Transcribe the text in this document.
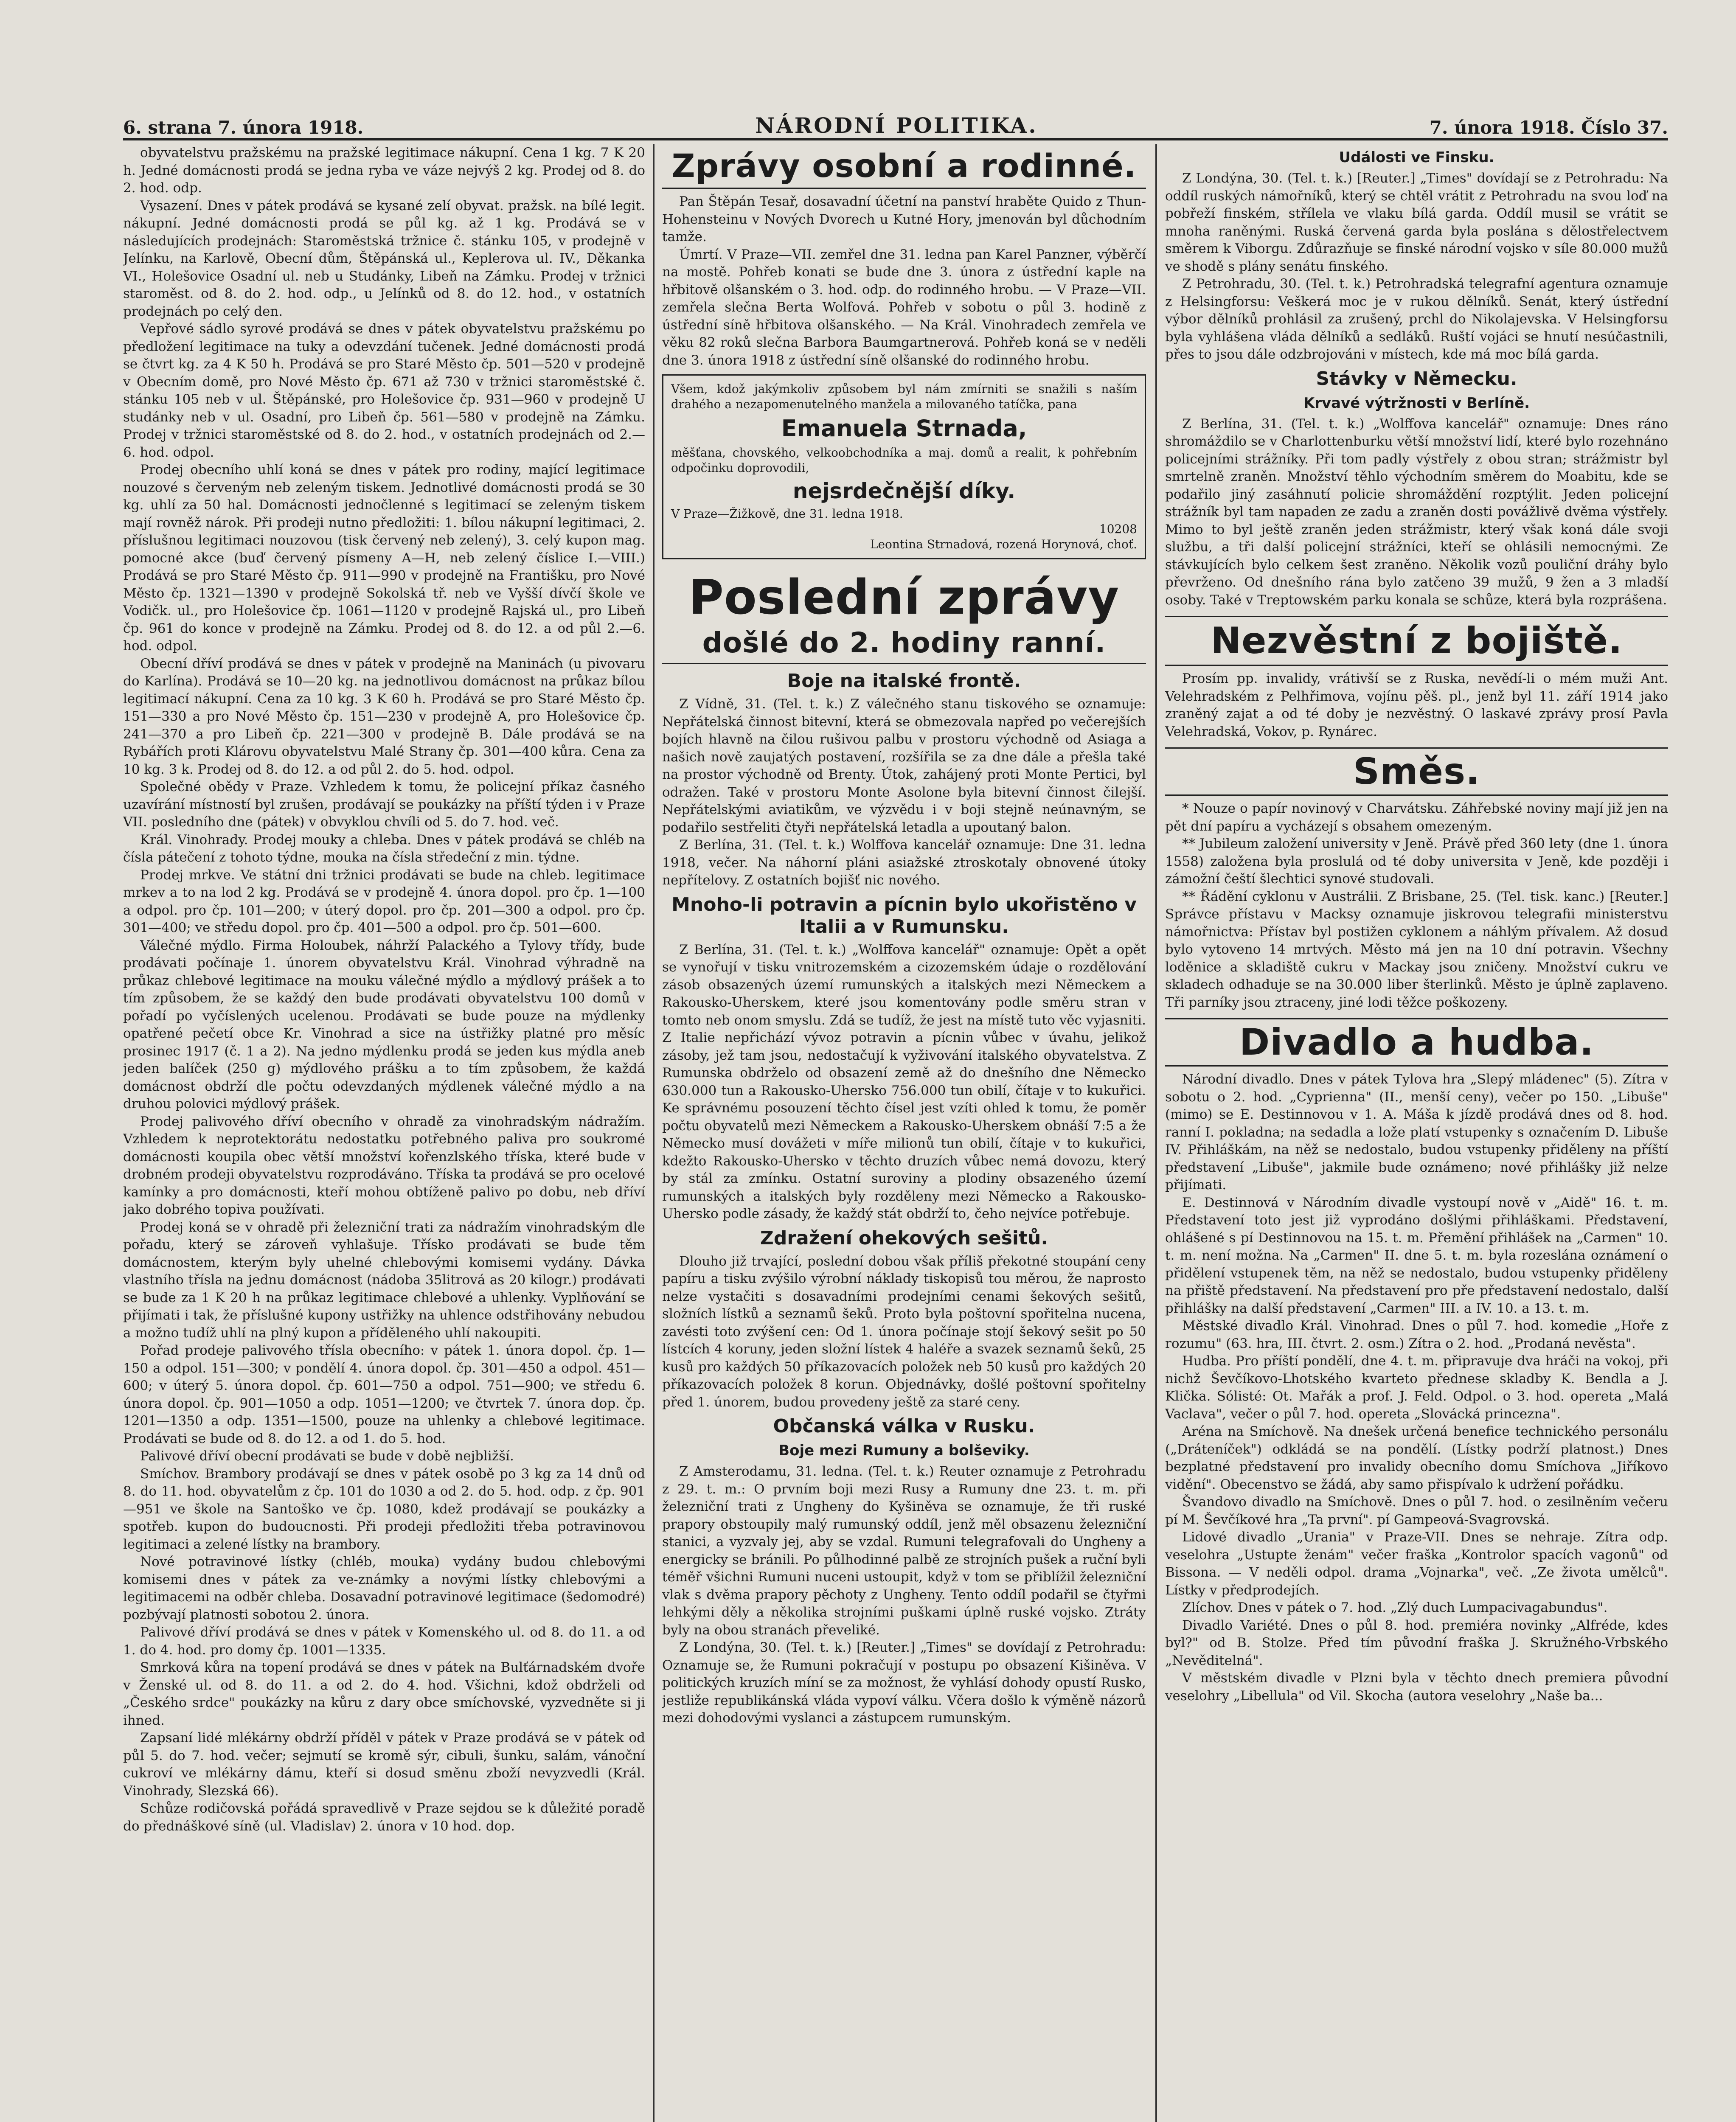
6. strana 7. února 1918.	NÁRODNÍ POLITIKA.	7. února 1918. Číslo 37.

obyvatelstvu pražskému na pražské legitimace nákupní. Cena 1 kg. 7 K 20 h. Jedné domácnosti prodá se jedna ryba ve váze nejvýš 2 kg. Prodej od 8. do 2. hod. odp.

Vysazení. Dnes v pátek prodává se kysané zelí obyvat. pražsk. na bílé legit. nákupní. Jedné domácnosti prodá se půl kg. až 1 kg. Prodává se v následujících prodejnách: Staroměstská tržnice č. stánku 105, v prodejně v Jelínku, na Karlově, Obecní dům, Štěpánská ul., Keplerova ul. IV., Děkanka VI., Holešovice Osadní ul. neb u Studánky, Libeň na Zámku. Prodej v tržnici staroměst. od 8. do 2. hod. odp., u Jelínků od 8. do 12. hod., v ostatních prodejnách po celý den.

Vepřové sádlo syrové prodává se dnes v pátek obyvatelstvu pražskému po předložení legitimace na tuky a odevzdání tučenek. Jedné domácnosti prodá se čtvrt kg. za 4 K 50 h. Prodává se pro Staré Město čp. 501—520 v prodejně v Obecním domě, pro Nové Město čp. 671 až 730 v tržnici staroměstské č. stánku 105 neb v ul. Štěpánské, pro Holešovice čp. 931—960 v prodejně U studánky neb v ul. Osadní, pro Libeň čp. 561—580 v prodejně na Zámku. Prodej v tržnici staroměstské od 8. do 2. hod., v ostatních prodejnách od 2.—6. hod. odpol.

Prodej obecního uhlí koná se dnes v pátek pro rodiny, mající legitimace nouzové s červeným neb zeleným tiskem. Jednotlivé domácnosti prodá se 30 kg. uhlí za 50 hal. Domácnosti jednočlenné s legitimací se zeleným tiskem mají rovněž nárok. Při prodeji nutno předložiti: 1. bílou nákupní legitimaci, 2. příslušnou legitimaci nouzovou (tisk červený neb zelený), 3. celý kupon mag. pomocné akce (buď červený písmeny A—H, neb zelený číslice I.—VIII.) Prodává se pro Staré Město čp. 911—990 v prodejně na Františku, pro Nové Město čp. 1321—1390 v prodejně Sokolská tř. neb ve Vyšší dívčí škole ve Vodičk. ul., pro Holešovice čp. 1061—1120 v prodejně Rajská ul., pro Libeň čp. 961 do konce v prodejně na Zámku. Prodej od 8. do 12. a od půl 2.—6. hod. odpol.

Obecní dříví prodává se dnes v pátek v prodejně na Maninách (u pivovaru do Karlína). Prodává se 10—20 kg. na jednotlivou domácnost na průkaz bílou legitimací nákupní. Cena za 10 kg. 3 K 60 h. Prodává se pro Staré Město čp. 151—330 a pro Nové Město čp. 151—230 v prodejně A, pro Holešovice čp. 241—370 a pro Libeň čp. 221—300 v prodejně B. Dále prodává se na Rybářích proti Klárovu obyvatelstvu Malé Strany čp. 301—400 kůra. Cena za 10 kg. 3 k. Prodej od 8. do 12. a od půl 2. do 5. hod. odpol.

Společné obědy v Praze. Vzhledem k tomu, že policejní příkaz časného uzavírání místností byl zrušen, prodávají se poukázky na příští týden i v Praze VII. posledního dne (pátek) v obvyklou chvíli od 5. do 7. hod. več.

Král. Vinohrady. Prodej mouky a chleba. Dnes v pátek prodává se chléb na čísla pátečení z tohoto týdne, mouka na čísla středeční z min. týdne.

Prodej mrkve. Ve státní dni tržnici prodávati se bude na chleb. legitimace mrkev a to na lod 2 kg. Prodává se v prodejně 4. února dopol. pro čp. 1—100 a odpol. pro čp. 101—200; v úterý dopol. pro čp. 201—300 a odpol. pro čp. 301—400; ve středu dopol. pro čp. 401—500 a odpol. pro čp. 501—600.

Válečné mýdlo. Firma Holoubek, náhrží Palackého a Tylovy třídy, bude prodávati počínaje 1. únorem obyvatelstvu Král. Vinohrad výhradně na průkaz chlebové legitimace na mouku válečné mýdlo a mýdlový prášek a to tím způsobem, že se každý den bude prodávati obyvatelstvu 100 domů v pořadí po vyčíslených ucelenou. Prodávati se bude pouze na mýdlenky opatřené pečetí obce Kr. Vinohrad a sice na ústřižky platné pro měsíc prosinec 1917 (č. 1 a 2). Na jedno mýdlenku prodá se jeden kus mýdla aneb jeden balíček (250 g) mýdlového prášku a to tím způsobem, že každá domácnost obdrží dle počtu odevzdaných mýdlenek válečné mýdlo a na druhou polovici mýdlový prášek.

Prodej palivového dříví obecního v ohradě za vinohradským nádražím. Vzhledem k neprotektorátu nedostatku potřebného paliva pro soukromé domácnosti koupila obec větší množství kořenzlského tříska, které bude v drobném prodeji obyvatelstvu rozprodáváno. Tříska ta prodává se pro ocelové kamínky a pro domácnosti, kteří mohou obtíženě palivo po dobu, neb dříví jako dobrého topiva používati.

Prodej koná se v ohradě při železniční trati za nádražím vinohradským dle pořadu, který se zároveň vyhlašuje. Třísko prodávati se bude těm domácnostem, kterým byly uhelné chlebovými komisemi vydány. Dávka vlastního třísla na jednu domácnost (nádoba 35litrová as 20 kilogr.) prodávati se bude za 1 K 20 h na průkaz legitimace chlebové a uhlenky. Vyplňování se přijímati i tak, že příslušné kupony ustřižky na uhlence odstřihovány nebudou a možno tudíž uhlí na plný kupon a příděleného uhlí nakoupiti.

Pořad prodeje palivového třísla obecního: v pátek 1. února dopol. čp. 1—150 a odpol. 151—300; v pondělí 4. února dopol. čp. 301—450 a odpol. 451—600; v úterý 5. února dopol. čp. 601—750 a odpol. 751—900; ve středu 6. února dopol. čp. 901—1050 a odp. 1051—1200; ve čtvrtek 7. února dop. čp. 1201—1350 a odp. 1351—1500, pouze na uhlenky a chlebové legitimace. Prodávati se bude od 8. do 12. a od 1. do 5. hod.

Palivové dříví obecní prodávati se bude v době nejbližší.

Smíchov. Brambory prodávají se dnes v pátek osobě po 3 kg za 14 dnů od 8. do 11. hod. obyvatelům z čp. 101 do 1030 a od 2. do 5. hod. odp. z čp. 901—951 ve škole na Santoško ve čp. 1080, kdež prodávají se poukázky a spotřeb. kupon do budoucnosti. Při prodeji předložiti třeba potravinovou legitimaci a zelené lístky na brambory.

Nové potravinové lístky (chléb, mouka) vydány budou chlebovými komisemi dnes v pátek za ve-známky a novými lístky chlebovými a legitimacemi na odběr chleba. Dosavadní potravinové legitimace (šedomodré) pozbývají platnosti sobotou 2. února.

Palivové dříví prodává se dnes v pátek v Komenského ul. od 8. do 11. a od 1. do 4. hod. pro domy čp. 1001—1335.

Smrková kůra na topení prodává se dnes v pátek na Bulťárnadském dvoře v Ženské ul. od 8. do 11. a od 2. do 4. hod. Všichni, kdož obdrželi od „Českého srdce" poukázky na kůru z dary obce smíchovské, vyzvedněte si ji ihned.

Zapsaní lidé mlékárny obdrží příděl v pátek v Praze prodává se v pátek od půl 5. do 7. hod. večer; sejmutí se kromě sýr, cibuli, šunku, salám, vánoční cukroví ve mlékárny dámu, kteří si dosud směnu zboží nevyzvedli (Král. Vinohrady, Slezská 66).

Schůze rodičovská pořádá spravedlivě v Praze sejdou se k důležité poradě do přednáškové síně (ul. Vladislav) 2. února v 10 hod. dop.

Zprávy osobní a rodinné.

Pan Štěpán Tesař, dosavadní účetní na panství hraběte Quido z Thun-Hohensteinu v Nových Dvorech u Kutné Hory, jmenován byl důchodním tamže.

Úmrtí. V Praze—VII. zemřel dne 31. ledna pan Karel Panzner, výběrčí na mostě. Pohřeb konati se bude dne 3. února z ústřední kaple na hřbitově olšanském o 3. hod. odp. do rodinného hrobu. — V Praze—VII. zemřela slečna Berta Wolfová. Pohřeb v sobotu o půl 3. hodině z ústřední síně hřbitova olšanského. — Na Král. Vinohradech zemřela ve věku 82 roků slečna Barbora Baumgartnerová. Pohřeb koná se v neděli dne 3. února 1918 z ústřední síně olšanské do rodinného hrobu.

Všem, kdož jakýmkoliv způsobem byl nám zmírniti se snažili s naším drahého a nezapomenutelného manžela a milovaného tatíčka, pana
Emanuela Strnada,
měšťana, chovského, velkoobchodníka a maj. domů a realit, k pohřebním odpočinku doprovodili,
nejsrdečnější díky.
V Praze—Žižkově, dne 31. ledna 1918.
10208
Leontina Strnadová, rozená Horynová, choť.
Poslední zprávy
došlé do 2. hodiny ranní.
Boje na italské frontě.

Z Vídně, 31. (Tel. t. k.) Z válečného stanu tiskového se oznamuje: Nepřátelská činnost bitevní, která se obmezovala napřed po večerejších bojích hlavně na čilou rušivou palbu v prostoru východně od Asiaga a našich nově zaujatých postavení, rozšířila se za dne dále a přešla také na prostor východně od Brenty. Útok, zahájený proti Monte Pertici, byl odražen. Také v prostoru Monte Asolone byla bitevní činnost čilejší. Nepřátelskými aviatikům, ve výzvědu i v boji stejně neúnavným, se podařilo sestřeliti čtyři nepřátelská letadla a upoutaný balon.

Z Berlína, 31. (Tel. t. k.) Wolffova kancelář oznamuje: Dne 31. ledna 1918, večer. Na náhorní pláni asiažské ztroskotaly obnovené útoky nepřítelovy. Z ostatních bojišť nic nového.

Mnoho-li potravin a pícnin bylo ukořistěno v Italii a v Rumunsku.

Z Berlína, 31. (Tel. t. k.) „Wolffova kancelář" oznamuje: Opět a opět se vynořují v tisku vnitrozemském a cizozemském údaje o rozdělování zásob obsazených území rumunských a italských mezi Německem a Rakousko-Uherskem, které jsou komentovány podle směru stran v tomto neb onom smyslu. Zdá se tudíž, že jest na místě tuto věc vyjasniti. Z Italie nepřichází vývoz potravin a pícnin vůbec v úvahu, jelikož zásoby, jež tam jsou, nedostačují k vyživování italského obyvatelstva. Z Rumunska obdrželo od obsazení země až do dnešního dne Německo 630.000 tun a Rakousko-Uhersko 756.000 tun obilí, čítaje v to kukuřici. Ke správnému posouzení těchto čísel jest vzíti ohled k tomu, že poměr počtu obyvatelů mezi Německem a Rakousko-Uherskem obnáší 7:5 a že Německo musí dovážeti v míře milionů tun obilí, čítaje v to kukuřici, kdežto Rakousko-Uhersko v těchto druzích vůbec nemá dovozu, který by stál za zmínku. Ostatní suroviny a plodiny obsazeného území rumunských a italských byly rozděleny mezi Německo a Rakousko-Uhersko podle zásady, že každý stát obdrží to, čeho nejvíce potřebuje.

Zdražení ohekových sešitů.

Dlouho již trvající, poslední dobou však příliš překotné stoupání ceny papíru a tisku zvýšilo výrobní náklady tiskopisů tou měrou, že naprosto nelze vystačiti s dosavadními prodejními cenami šekových sešitů, složních lístků a seznamů šeků. Proto byla poštovní spořitelna nucena, zavésti toto zvýšení cen: Od 1. února počínaje stojí šekový sešit po 50 lístcích 4 koruny, jeden složní lístek 4 haléře a svazek seznamů šeků, 25 kusů pro každých 50 příkazovacích položek neb 50 kusů pro každých 20 příkazovacích položek 8 korun. Objednávky, došlé poštovní spořitelny před 1. únorem, budou provedeny ještě za staré ceny.

Občanská válka v Rusku.
Boje mezi Rumuny a bolševiky.

Z Amsterodamu, 31. ledna. (Tel. t. k.) Reuter oznamuje z Petrohradu z 29. t. m.: O prvním boji mezi Rusy a Rumuny dne 23. t. m. při železniční trati z Ungheny do Kyšiněva se oznamuje, že tři ruské prapory obstoupily malý rumunský oddíl, jenž měl obsazenu železniční stanici, a vyzvaly jej, aby se vzdal. Rumuni telegrafovali do Ungheny a energicky se bránili. Po půlhodinné palbě ze strojních pušek a ruční byli téměř všichni Rumuni nuceni ustoupit, když v tom se přiblížil železniční vlak s dvěma prapory pěchoty z Ungheny. Tento oddíl podařil se čtyřmi lehkými děly a několika strojními puškami úplně ruské vojsko. Ztráty byly na obou stranách převeliké.

Z Londýna, 30. (Tel. t. k.) [Reuter.] „Times" se dovídají z Petrohradu: Oznamuje se, že Rumuni pokračují v postupu po obsazení Kišiněva. V politických kruzích míní se za možnost, že vyhlásí dohody opustí Rusko, jestliže republikánská vláda vypoví válku. Včera došlo k výměně názorů mezi dohodovými vyslanci a zástupcem rumunským.

Události ve Finsku.

Z Londýna, 30. (Tel. t. k.) [Reuter.] „Times" dovídají se z Petrohradu: Na oddíl ruských námořníků, který se chtěl vrátit z Petrohradu na svou loď na pobřeží finském, střílela ve vlaku bílá garda. Oddíl musil se vrátit se mnoha raněnými. Ruská červená garda byla poslána s dělostřelectvem směrem k Viborgu. Zdůrazňuje se finské národní vojsko v síle 80.000 mužů ve shodě s plány senátu finského.

Z Petrohradu, 30. (Tel. t. k.) Petrohradská telegrafní agentura oznamuje z Helsingforsu: Veškerá moc je v rukou dělníků. Senát, který ústřední výbor dělníků prohlásil za zrušený, prchl do Nikolajevska. V Helsingforsu byla vyhlášena vláda dělníků a sedláků. Ruští vojáci se hnutí nesúčastnili, přes to jsou dále odzbrojováni v místech, kde má moc bílá garda.

Stávky v Německu.
Krvavé výtržnosti v Berlíně.

Z Berlína, 31. (Tel. t. k.) „Wolffova kancelář" oznamuje: Dnes ráno shromáždilo se v Charlottenburku větší množství lidí, které bylo rozehnáno policejními strážníky. Při tom padly výstřely z obou stran; strážmistr byl smrtelně zraněn. Množství těhlo východním směrem do Moabitu, kde se podařilo jiný zasáhnutí policie shromáždění rozptýlit. Jeden policejní strážník byl tam napaden ze zadu a zraněn dosti povážlivě dvěma výstřely. Mimo to byl ještě zraněn jeden strážmistr, který však koná dále svoji službu, a tři další policejní strážníci, kteří se ohlásili nemocnými. Ze stávkujících bylo celkem šest zraněno. Několik vozů pouliční dráhy bylo převrženo. Od dnešního rána bylo zatčeno 39 mužů, 9 žen a 3 mladší osoby. Také v Treptowském parku konala se schůze, která byla rozprášena.

Nezvěstní z bojiště.

Prosím pp. invalidy, vrátivší se z Ruska, nevědí-li o mém muži Ant. Velehradském z Pelhřimova, vojínu pěš. pl., jenž byl 11. září 1914 jako zraněný zajat a od té doby je nezvěstný. O laskavé zprávy prosí Pavla Velehradská, Vokov, p. Rynárec.

Směs.

* Nouze o papír novinový v Charvátsku. Záhřebské noviny mají již jen na pět dní papíru a vycházejí s obsahem omezeným.

** Jubileum založení university v Jeně. Právě před 360 lety (dne 1. února 1558) založena byla proslulá od té doby universita v Jeně, kde později i zámožní čeští šlechtici synové studovali.

** Řádění cyklonu v Austrálii. Z Brisbane, 25. (Tel. tisk. kanc.) [Reuter.] Správce přístavu v Macksy oznamuje jiskrovou telegrafii ministerstvu námořnictva: Přístav byl postižen cyklonem a náhlým přívalem. Až dosud bylo vytoveno 14 mrtvých. Město má jen na 10 dní potravin. Všechny loděnice a skladiště cukru v Mackay jsou zničeny. Množství cukru ve skladech odhaduje se na 30.000 liber šterlinků. Město je úplně zaplaveno. Tři parníky jsou ztraceny, jiné lodi těžce poškozeny.

Divadlo a hudba.

Národní divadlo. Dnes v pátek Tylova hra „Slepý mládenec" (5). Zítra v sobotu o 2. hod. „Cyprienna" (II., menší ceny), večer po 150. „Libuše" (mimo) se E. Destinnovou v 1. A. Máša k jízdě prodává dnes od 8. hod. ranní I. pokladna; na sedadla a lože platí vstupenky s označením D. Libuše IV. Přihláškám, na něž se nedostalo, budou vstupenky přiděleny na příští představení „Libuše", jakmile bude oznámeno; nové přihlášky již nelze přijímati.

E. Destinnová v Národním divadle vystoupí nově v „Aidě" 16. t. m. Představení toto jest již vyprodáno došlými přihláškami. Představení, ohlášené s pí Destinnovou na 15. t. m. Přemění přihlášek na „Carmen" 10. t. m. není možna. Na „Carmen" II. dne 5. t. m. byla rozeslána oznámení o přidělení vstupenek těm, na něž se nedostalo, budou vstupenky přiděleny na přiště představení. Na představení pro pře představení nedostalo, další přihlášky na další představení „Carmen" III. a IV. 10. a 13. t. m.

Městské divadlo Král. Vinohrad. Dnes o půl 7. hod. komedie „Hoře z rozumu" (63. hra, III. čtvrt. 2. osm.) Zítra o 2. hod. „Prodaná nevěsta".

Hudba. Pro příští pondělí, dne 4. t. m. připravuje dva hráči na vokoj, při nichž Ševčíkovo-Lhotského kvarteto přednese skladby K. Bendla a J. Klička. Sólisté: Ot. Mařák a prof. J. Feld. Odpol. o 3. hod. opereta „Malá Vaclava", večer o půl 7. hod. opereta „Slovácká princezna".

Aréna na Smíchově. Na dnešek určená benefice technického personálu („Dráteníček") odkládá se na pondělí. (Lístky podrží platnost.) Dnes bezplatné představení pro invalidy obecního domu Smíchova „Jiříkovo vidění". Obecenstvo se žádá, aby samo přispívalo k udržení pořádku.

Švandovo divadlo na Smíchově. Dnes o půl 7. hod. o zesilněním večeru pí M. Ševčíkové hra „Ta první". pí Gampeová-Svagrovská.

Lidové divadlo „Urania" v Praze-VII. Dnes se nehraje. Zítra odp. veselohra „Ustupte ženám" večer fraška „Kontrolor spacích vagonů" od Bissona. — V neděli odpol. drama „Vojnarka", več. „Ze života umělců". Lístky v předprodejích.

Zlíchov. Dnes v pátek o 7. hod. „Zlý duch Lumpacivagabundus".

Divadlo Variété. Dnes o půl 8. hod. premiéra novinky „Alfréde, kdes byl?" od B. Stolze. Před tím původní fraška J. Skružného-Vrbského „Nevěditelná".

V městském divadle v Plzni byla v těchto dnech premiera původní veselohry „Libellula" od Vil. Skocha (autora veselohry „Naše ba...
